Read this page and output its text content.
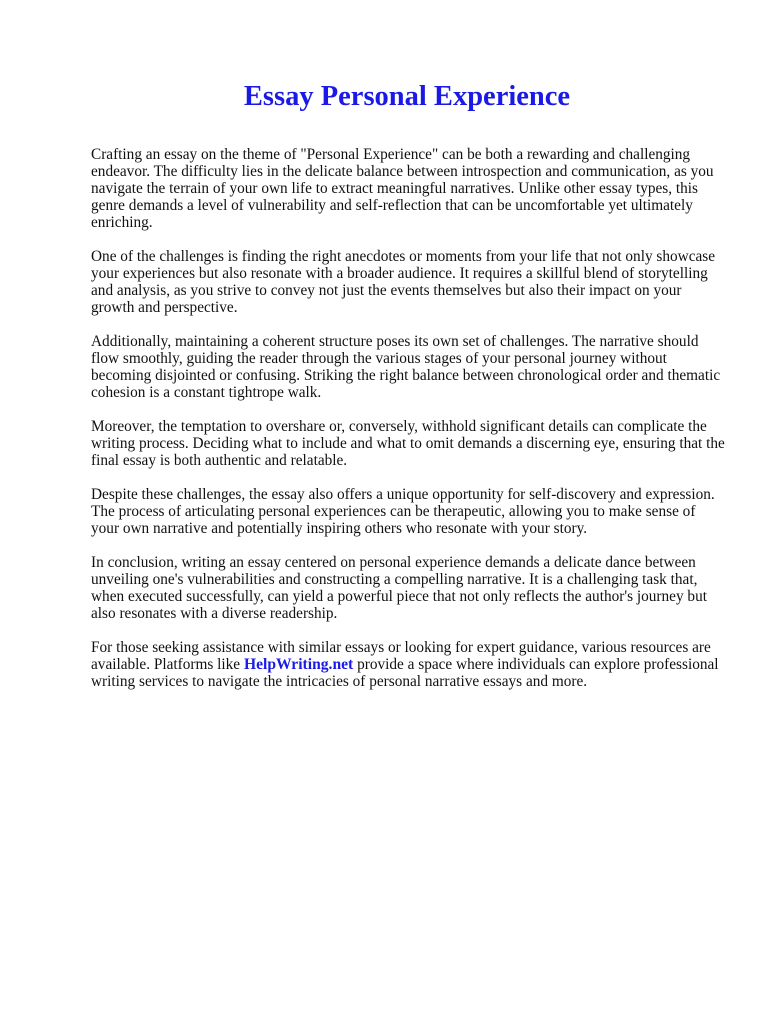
Essay Personal Experience

Crafting an essay on the theme of "Personal Experience" can be both a rewarding and challenging endeavor. The difficulty lies in the delicate balance between introspection and communication, as you navigate the terrain of your own life to extract meaningful narratives. Unlike other essay types, this genre demands a level of vulnerability and self-reflection that can be uncomfortable yet ultimately enriching.

One of the challenges is finding the right anecdotes or moments from your life that not only showcase your experiences but also resonate with a broader audience. It requires a skillful blend of storytelling and analysis, as you strive to convey not just the events themselves but also their impact on your growth and perspective.

Additionally, maintaining a coherent structure poses its own set of challenges. The narrative should flow smoothly, guiding the reader through the various stages of your personal journey without becoming disjointed or confusing. Striking the right balance between chronological order and thematic cohesion is a constant tightrope walk.

Moreover, the temptation to overshare or, conversely, withhold significant details can complicate the writing process. Deciding what to include and what to omit demands a discerning eye, ensuring that the final essay is both authentic and relatable.

Despite these challenges, the essay also offers a unique opportunity for self-discovery and expression. The process of articulating personal experiences can be therapeutic, allowing you to make sense of your own narrative and potentially inspiring others who resonate with your story.

In conclusion, writing an essay centered on personal experience demands a delicate dance between unveiling one's vulnerabilities and constructing a compelling narrative. It is a challenging task that, when executed successfully, can yield a powerful piece that not only reflects the author's journey but also resonates with a diverse readership.

For those seeking assistance with similar essays or looking for expert guidance, various resources are available. Platforms like HelpWriting.net provide a space where individuals can explore professional writing services to navigate the intricacies of personal narrative essays and more.
